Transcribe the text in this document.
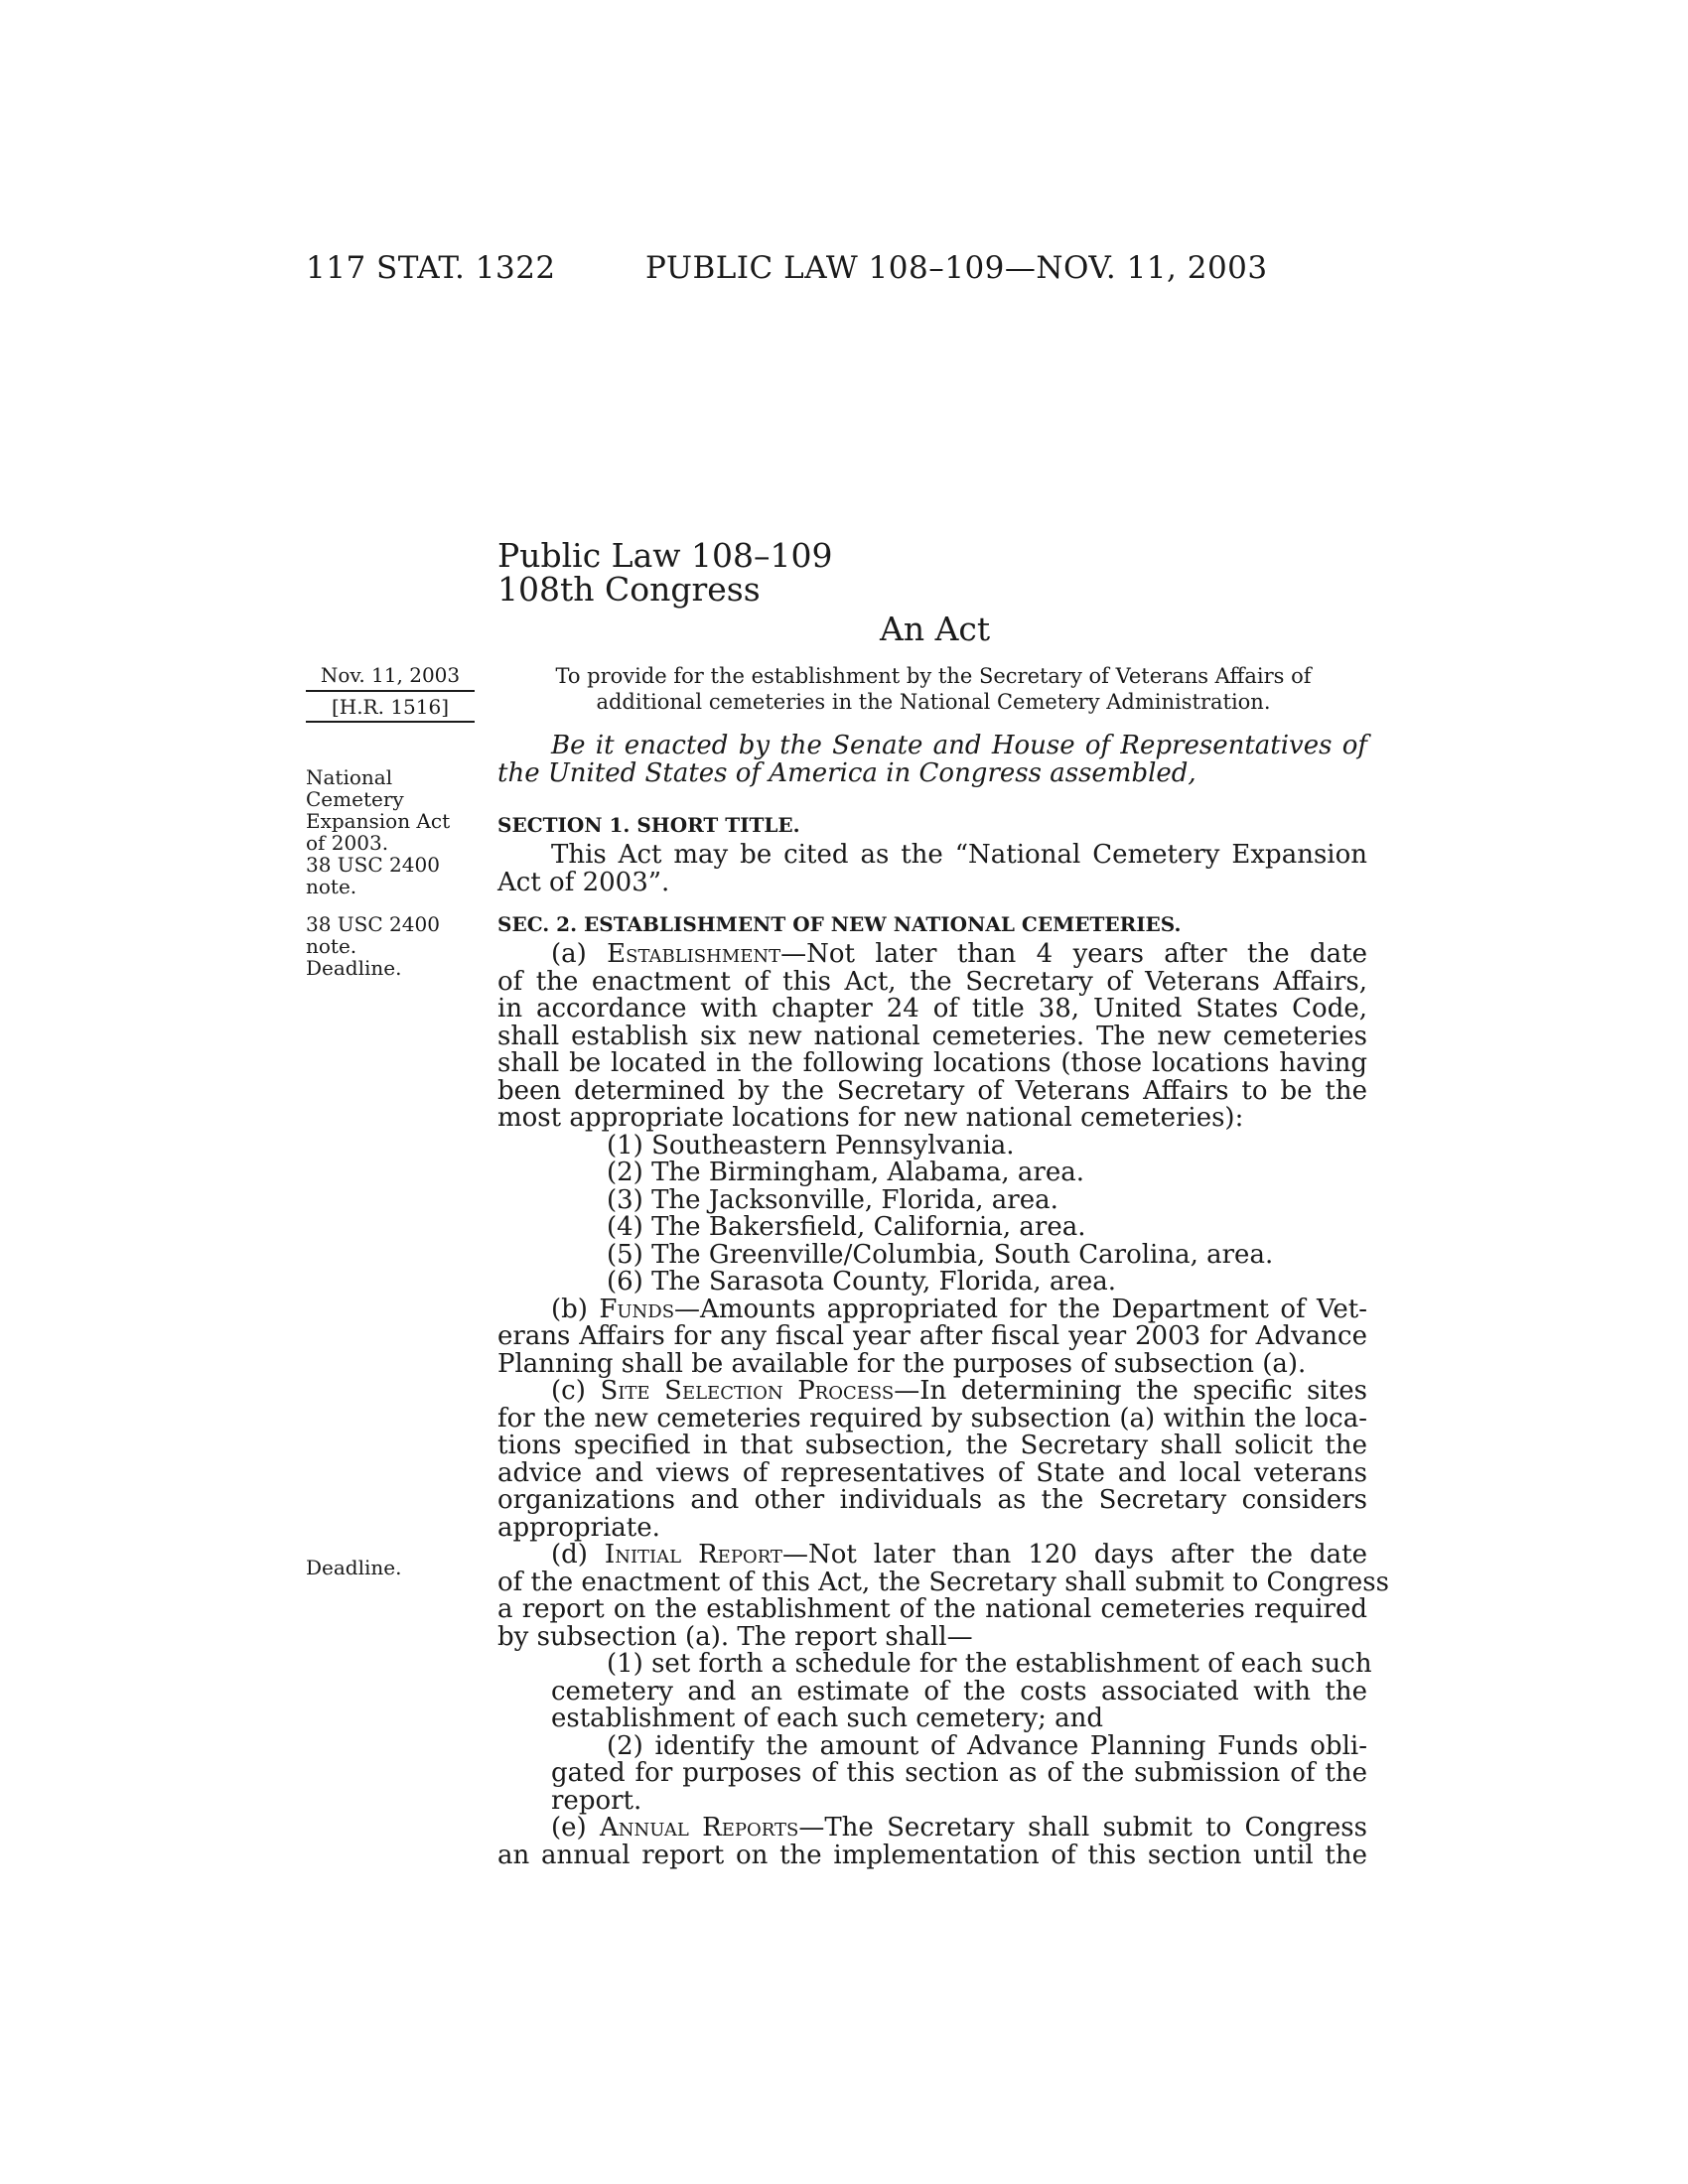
117 STAT. 1322	PUBLIC LAW 108–109—NOV. 11, 2003
Public Law 108–109
108th Congress
An Act
Nov. 11, 2003
[H.R. 1516]
To provide for the establishment by the Secretary of Veterans Affairs of additional cemeteries in the National Cemetery Administration.
National
Cemetery
Expansion Act
of 2003.
38 USC 2400
note.
38 USC 2400
note.
Deadline.
Deadline.
Be it enacted by the Senate and House of Representatives of
the United States of America in Congress assembled,
SECTION 1. SHORT TITLE.
This Act may be cited as the “National Cemetery Expansion
Act of 2003”.
SEC. 2. ESTABLISHMENT OF NEW NATIONAL CEMETERIES.
(a) Establishment—Not later than 4 years after the date
of the enactment of this Act, the Secretary of Veterans Affairs,
in accordance with chapter 24 of title 38, United States Code,
shall establish six new national cemeteries. The new cemeteries
shall be located in the following locations (those locations having
been determined by the Secretary of Veterans Affairs to be the
most appropriate locations for new national cemeteries):
(1) Southeastern Pennsylvania.
(2) The Birmingham, Alabama, area.
(3) The Jacksonville, Florida, area.
(4) The Bakersfield, California, area.
(5) The Greenville/Columbia, South Carolina, area.
(6) The Sarasota County, Florida, area.
(b) Funds—Amounts appropriated for the Department of Vet-
erans Affairs for any fiscal year after fiscal year 2003 for Advance
Planning shall be available for the purposes of subsection (a).
(c) Site Selection Process—In determining the specific sites
for the new cemeteries required by subsection (a) within the loca-
tions specified in that subsection, the Secretary shall solicit the
advice and views of representatives of State and local veterans
organizations and other individuals as the Secretary considers
appropriate.
(d) Initial Report—Not later than 120 days after the date
of the enactment of this Act, the Secretary shall submit to Congress
a report on the establishment of the national cemeteries required
by subsection (a). The report shall—
(1) set forth a schedule for the establishment of each such
cemetery and an estimate of the costs associated with the
establishment of each such cemetery; and
(2) identify the amount of Advance Planning Funds obli-
gated for purposes of this section as of the submission of the
report.
(e) Annual Reports—The Secretary shall submit to Congress
an annual report on the implementation of this section until the
